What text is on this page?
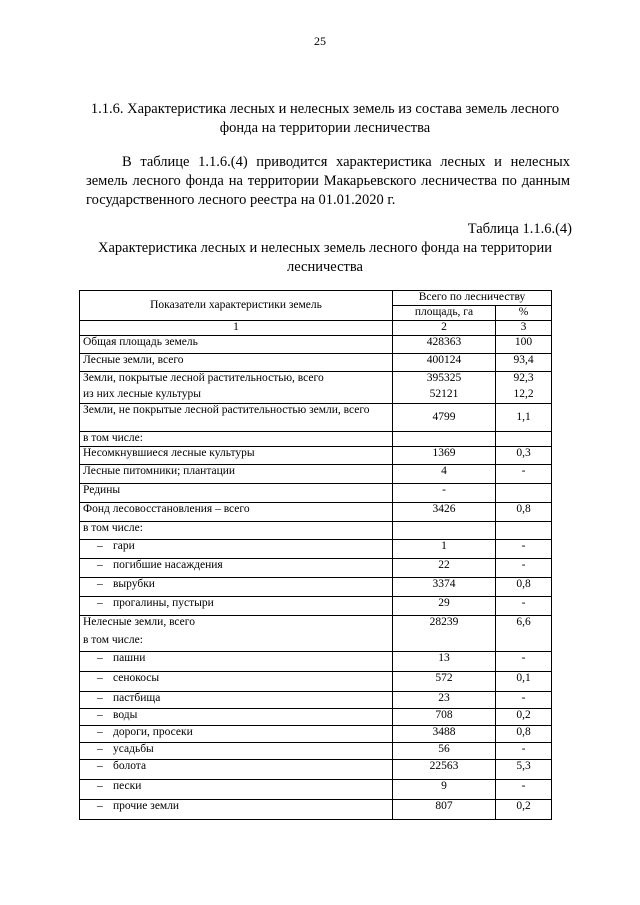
25
1.1.6. Характеристика лесных и нелесных земель из состава земель лесного фонда на территории лесничества
В таблице 1.1.6.(4) приводится характеристика лесных и нелесных земель лесного фонда на территории Макарьевского лесничества по данным государственного лесного реестра на 01.01.2020 г.
Таблица 1.1.6.(4)
Характеристика лесных и нелесных земель лесного фонда на территории лесничества
Показатели характеристики земель	Всего по лесничеству	
	площадь, га	%
1	2	3
Общая площадь земель	428363	100
Лесные земли, всего	400124	93,4
Земли, покрытые лесной растительностью, всего	395325	92,3
из них лесные культуры	52121	12,2
Земли, не покрытые лесной растительностью земли, всего	4799	1,1
в том числе:		
Несомкнувшиеся лесные культуры	1369	0,3
Лесные питомники; плантации	4	-
Редины	-	
Фонд лесовосстановления – всего	3426	0,8
в том числе:		
– гари	1	-
– погибшие насаждения	22	-
– вырубки	3374	0,8
– прогалины, пустыри	29	-
Нелесные земли, всего	28239	6,6
в том числе:		
– пашни	13	-
– сенокосы	572	0,1
– пастбища	23	-
– воды	708	0,2
– дороги, просеки	3488	0,8
– усадьбы	56	-
– болота	22563	5,3
– пески	9	-
– прочие земли	807	0,2
